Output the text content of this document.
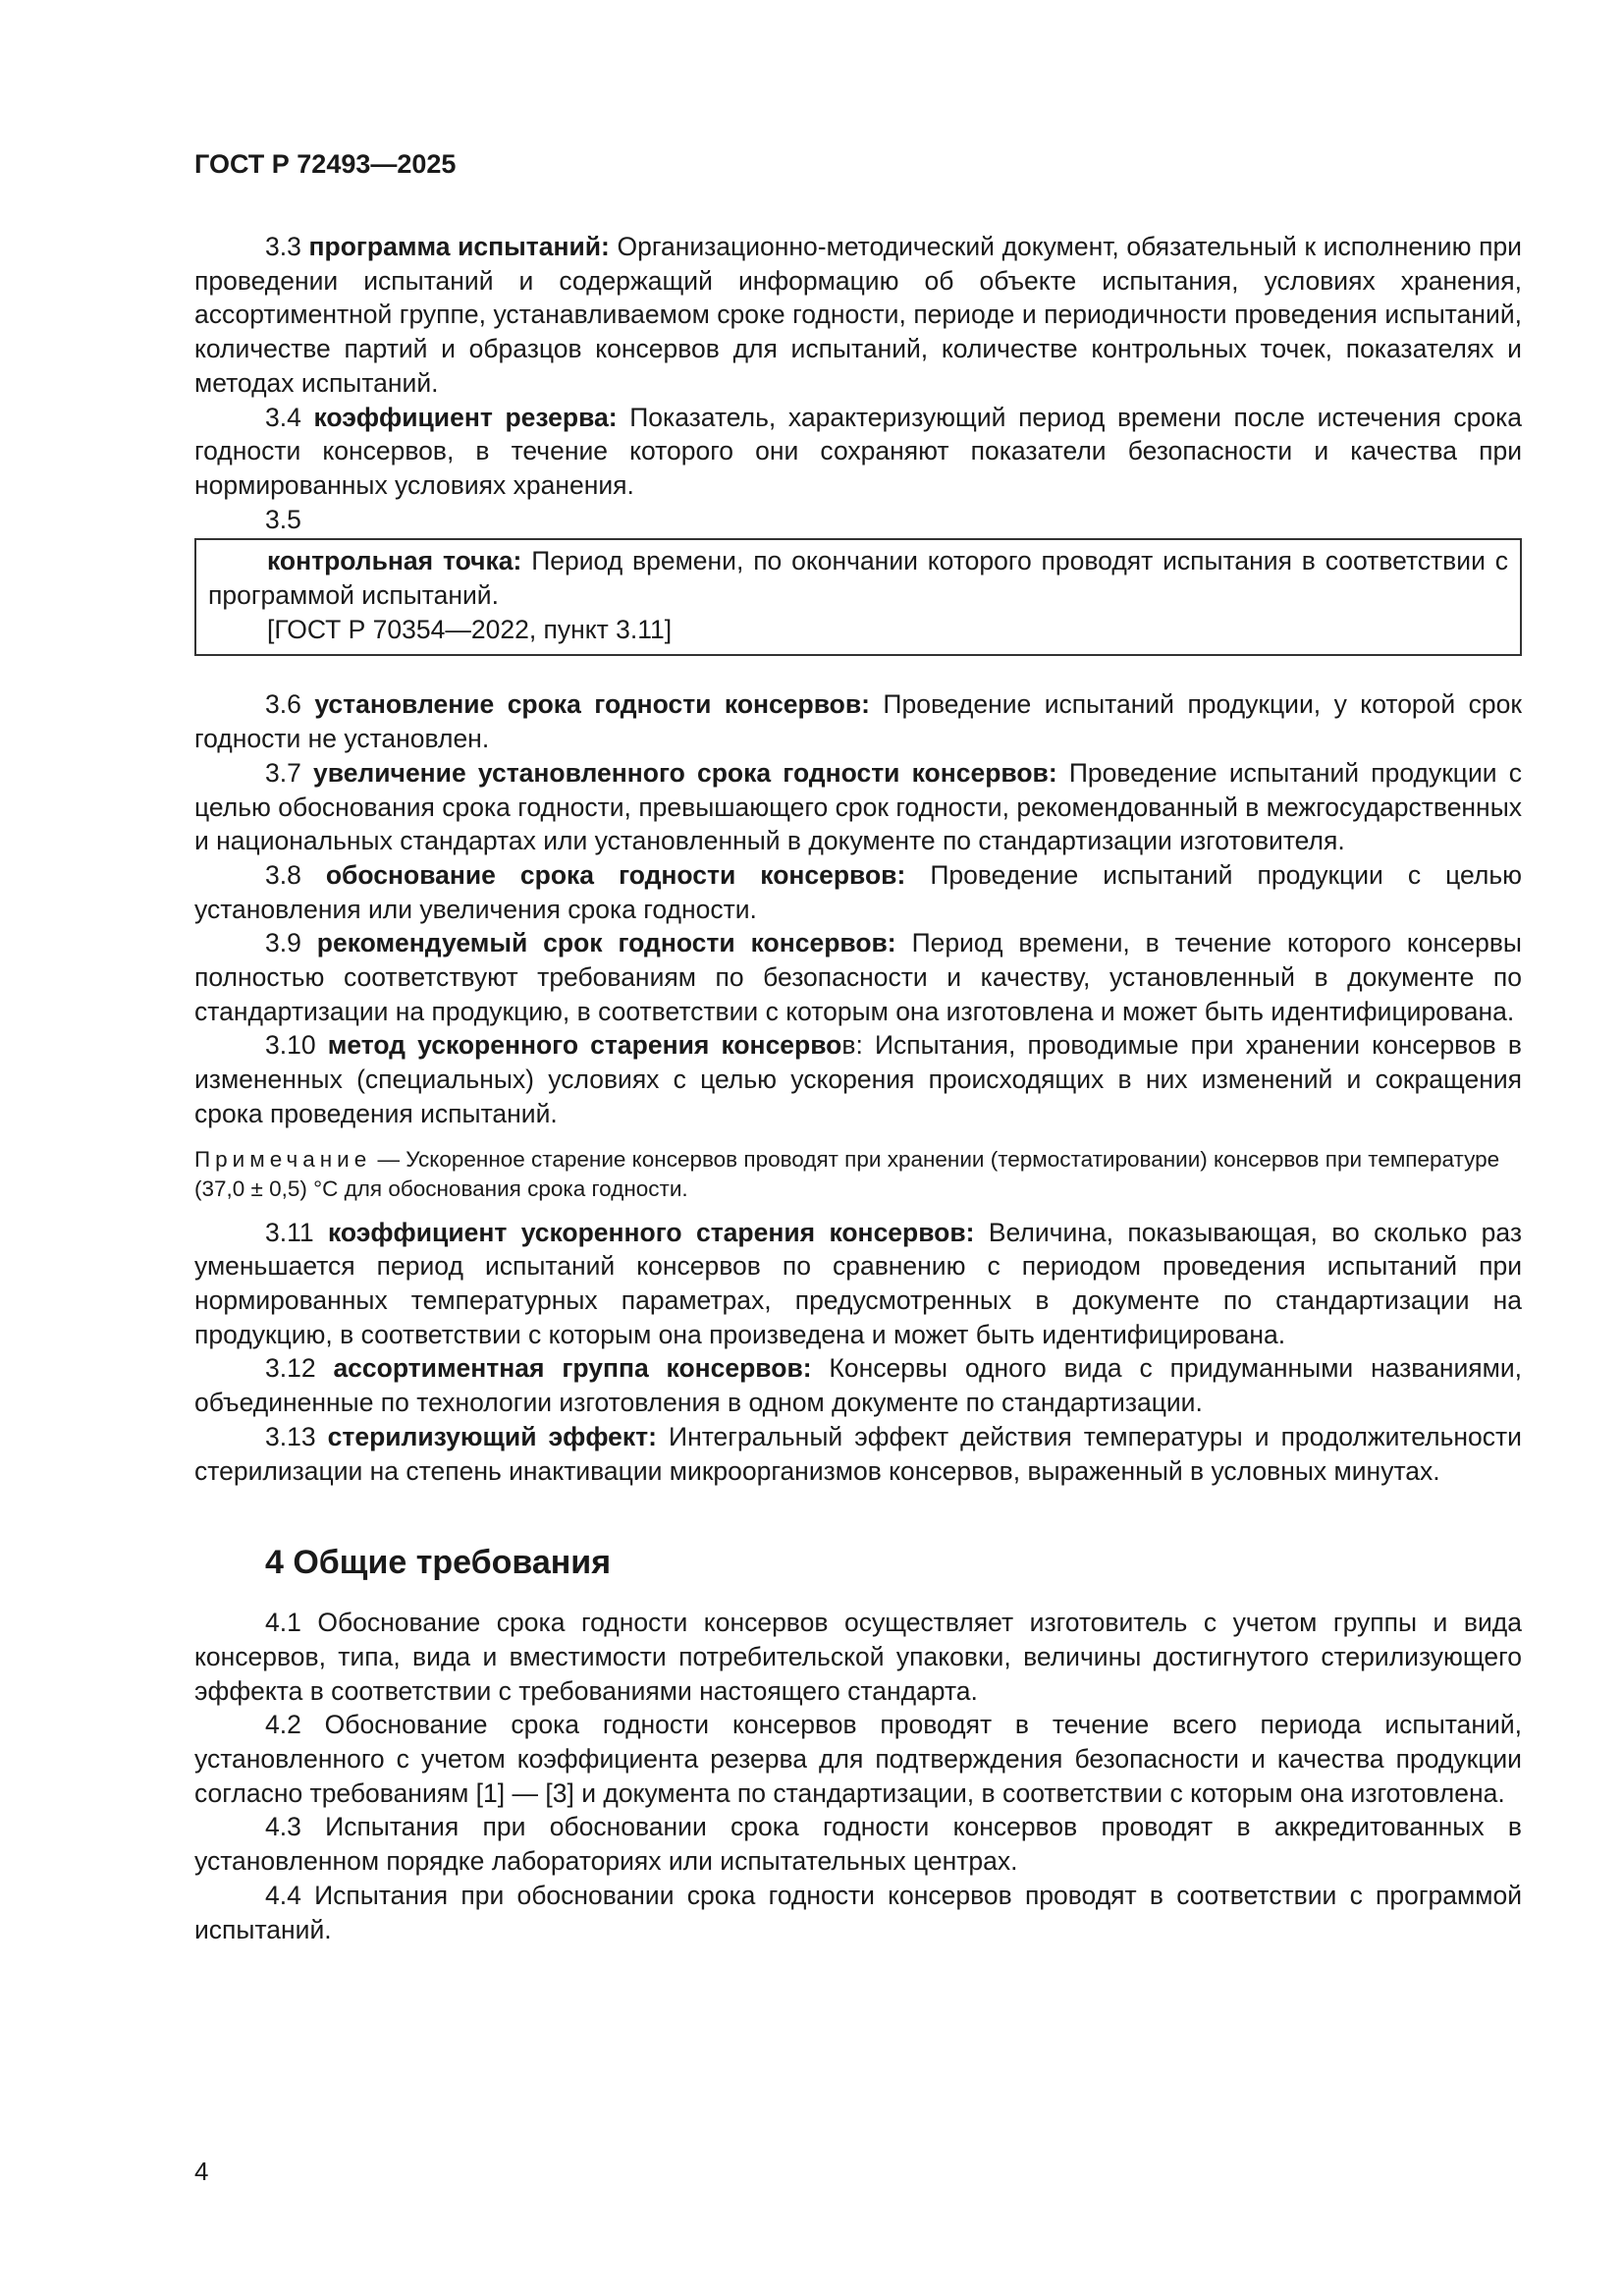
ГОСТ Р 72493—2025

3.3 программа испытаний: Организационно-методический документ, обязательный к исполнению при проведении испытаний и содержащий информацию об объекте испытания, условиях хранения, ассортиментной группе, устанавливаемом сроке годности, периоде и периодичности проведения испытаний, количестве партий и образцов консервов для испытаний, количестве контрольных точек, показателях и методах испытаний.

3.4 коэффициент резерва: Показатель, характеризующий период времени после истечения срока годности консервов, в течение которого они сохраняют показатели безопасности и качества при нормированных условиях хранения.

3.5

контрольная точка: Период времени, по окончании которого проводят испытания в соответствии с программой испытаний.

[ГОСТ Р 70354—2022, пункт 3.11]

3.6 установление срока годности консервов: Проведение испытаний продукции, у которой срок годности не установлен.

3.7 увеличение установленного срока годности консервов: Проведение испытаний продукции с целью обоснования срока годности, превышающего срок годности, рекомендованный в межгосударственных и национальных стандартах или установленный в документе по стандартизации изготовителя.

3.8 обоснование срока годности консервов: Проведение испытаний продукции с целью установления или увеличения срока годности.

3.9 рекомендуемый срок годности консервов: Период времени, в течение которого консервы полностью соответствуют требованиям по безопасности и качеству, установленный в документе по стандартизации на продукцию, в соответствии с которым она изготовлена и может быть идентифицирована.

3.10 метод ускоренного старения консервов: Испытания, проводимые при хранении консервов в измененных (специальных) условиях с целью ускорения происходящих в них изменений и сокращения срока проведения испытаний.

Примечание — Ускоренное старение консервов проводят при хранении (термостатировании) консервов при температуре (37,0 ± 0,5) °С для обоснования срока годности.

3.11 коэффициент ускоренного старения консервов: Величина, показывающая, во сколько раз уменьшается период испытаний консервов по сравнению с периодом проведения испытаний при нормированных температурных параметрах, предусмотренных в документе по стандартизации на продукцию, в соответствии с которым она произведена и может быть идентифицирована.

3.12 ассортиментная группа консервов: Консервы одного вида с придуманными названиями, объединенные по технологии изготовления в одном документе по стандартизации.

3.13 стерилизующий эффект: Интегральный эффект действия температуры и продолжительности стерилизации на степень инактивации микроорганизмов консервов, выраженный в условных минутах.

4 Общие требования

4.1 Обоснование срока годности консервов осуществляет изготовитель с учетом группы и вида консервов, типа, вида и вместимости потребительской упаковки, величины достигнутого стерилизующего эффекта в соответствии с требованиями настоящего стандарта.

4.2 Обоснование срока годности консервов проводят в течение всего периода испытаний, установленного с учетом коэффициента резерва для подтверждения безопасности и качества продукции согласно требованиям [1] — [3] и документа по стандартизации, в соответствии с которым она изготовлена.

4.3 Испытания при обосновании срока годности консервов проводят в аккредитованных в установленном порядке лабораториях или испытательных центрах.

4.4 Испытания при обосновании срока годности консервов проводят в соответствии с программой испытаний.

4
